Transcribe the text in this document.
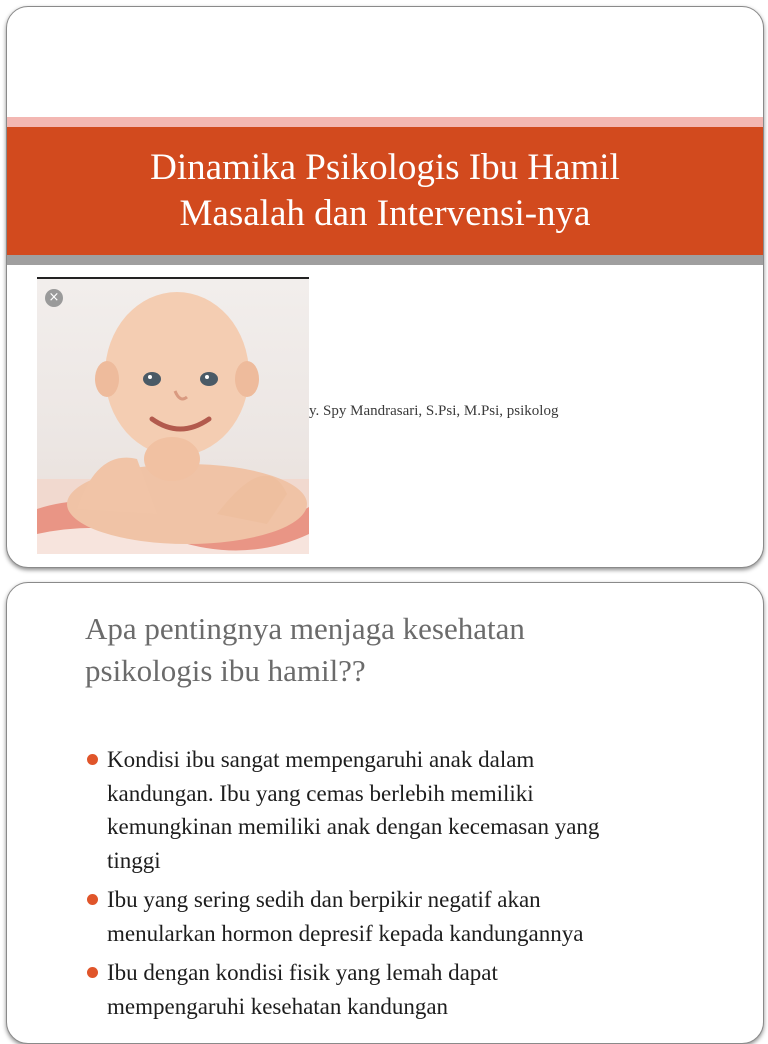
Dinamika Psikologis Ibu Hamil
Masalah dan Intervensi-nya
×
y. Spy Mandrasari, S.Psi, M.Psi, psikolog
Apa pentingnya menjaga kesehatan
psikologis ibu hamil??
Kondisi ibu sangat mempengaruhi anak dalam
kandungan. Ibu yang cemas berlebih memiliki
kemungkinan memiliki anak dengan kecemasan yang
tinggi
Ibu yang sering sedih dan berpikir negatif akan
menularkan hormon depresif kepada kandungannya
Ibu dengan kondisi fisik yang lemah dapat
mempengaruhi kesehatan kandungan
